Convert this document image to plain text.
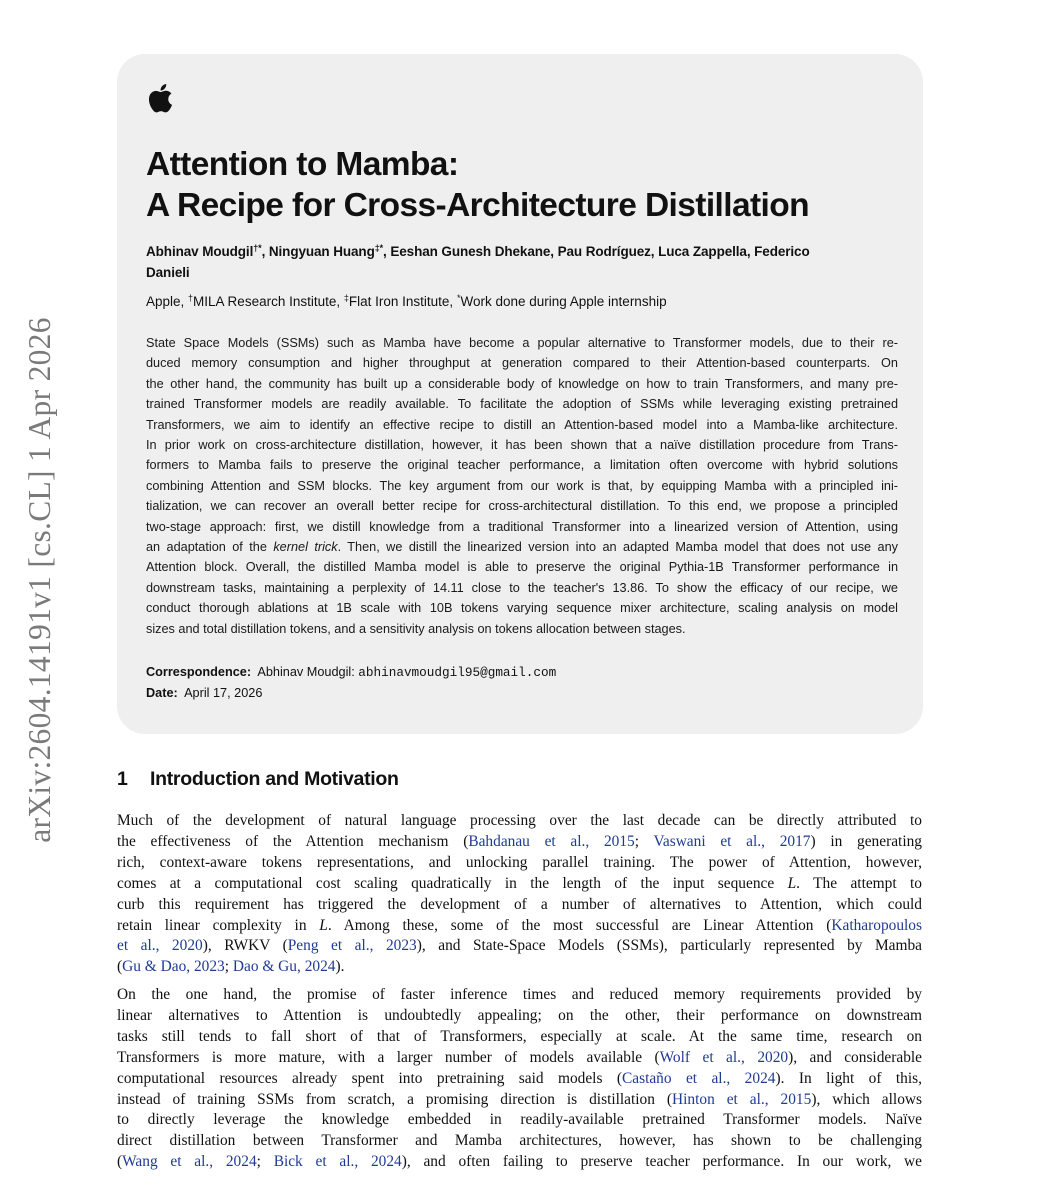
arXiv:2604.14191v1 [cs.CL] 1 Apr 2026
Attention to Mamba:
A Recipe for Cross-Architecture Distillation
Abhinav Moudgil†*, Ningyuan Huang‡*, Eeshan Gunesh Dhekane, Pau Rodríguez, Luca Zappella, Federico
Danieli
Apple, †MILA Research Institute, ‡Flat Iron Institute, *Work done during Apple internship
State Space Models (SSMs) such as Mamba have become a popular alternative to Transformer models, due to their re-
duced memory consumption and higher throughput at generation compared to their Attention-based counterparts. On
the other hand, the community has built up a considerable body of knowledge on how to train Transformers, and many pre-
trained Transformer models are readily available. To facilitate the adoption of SSMs while leveraging existing pretrained
Transformers, we aim to identify an effective recipe to distill an Attention-based model into a Mamba-like architecture.
In prior work on cross-architecture distillation, however, it has been shown that a naïve distillation procedure from Trans-
formers to Mamba fails to preserve the original teacher performance, a limitation often overcome with hybrid solutions
combining Attention and SSM blocks. The key argument from our work is that, by equipping Mamba with a principled ini-
tialization, we can recover an overall better recipe for cross-architectural distillation. To this end, we propose a principled
two-stage approach: first, we distill knowledge from a traditional Transformer into a linearized version of Attention, using
an adaptation of the kernel trick. Then, we distill the linearized version into an adapted Mamba model that does not use any
Attention block. Overall, the distilled Mamba model is able to preserve the original Pythia-1B Transformer performance in
downstream tasks, maintaining a perplexity of 14.11 close to the teacher's 13.86. To show the efficacy of our recipe, we
conduct thorough ablations at 1B scale with 10B tokens varying sequence mixer architecture, scaling analysis on model
sizes and total distillation tokens, and a sensitivity analysis on tokens allocation between stages.
Correspondence: Abhinav Moudgil: abhinavmoudgil95@gmail.com
Date: April 17, 2026
1 Introduction and Motivation
Much of the development of natural language processing over the last decade can be directly attributed to
the effectiveness of the Attention mechanism (Bahdanau et al., 2015; Vaswani et al., 2017) in generating
rich, context-aware tokens representations, and unlocking parallel training. The power of Attention, however,
comes at a computational cost scaling quadratically in the length of the input sequence L. The attempt to
curb this requirement has triggered the development of a number of alternatives to Attention, which could
retain linear complexity in L. Among these, some of the most successful are Linear Attention (Katharopoulos
et al., 2020), RWKV (Peng et al., 2023), and State-Space Models (SSMs), particularly represented by Mamba
(Gu & Dao, 2023; Dao & Gu, 2024).
On the one hand, the promise of faster inference times and reduced memory requirements provided by
linear alternatives to Attention is undoubtedly appealing; on the other, their performance on downstream
tasks still tends to fall short of that of Transformers, especially at scale. At the same time, research on
Transformers is more mature, with a larger number of models available (Wolf et al., 2020), and considerable
computational resources already spent into pretraining said models (Castaño et al., 2024). In light of this,
instead of training SSMs from scratch, a promising direction is distillation (Hinton et al., 2015), which allows
to directly leverage the knowledge embedded in readily-available pretrained Transformer models. Naïve
direct distillation between Transformer and Mamba architectures, however, has shown to be challenging
(Wang et al., 2024; Bick et al., 2024), and often failing to preserve teacher performance. In our work, we
